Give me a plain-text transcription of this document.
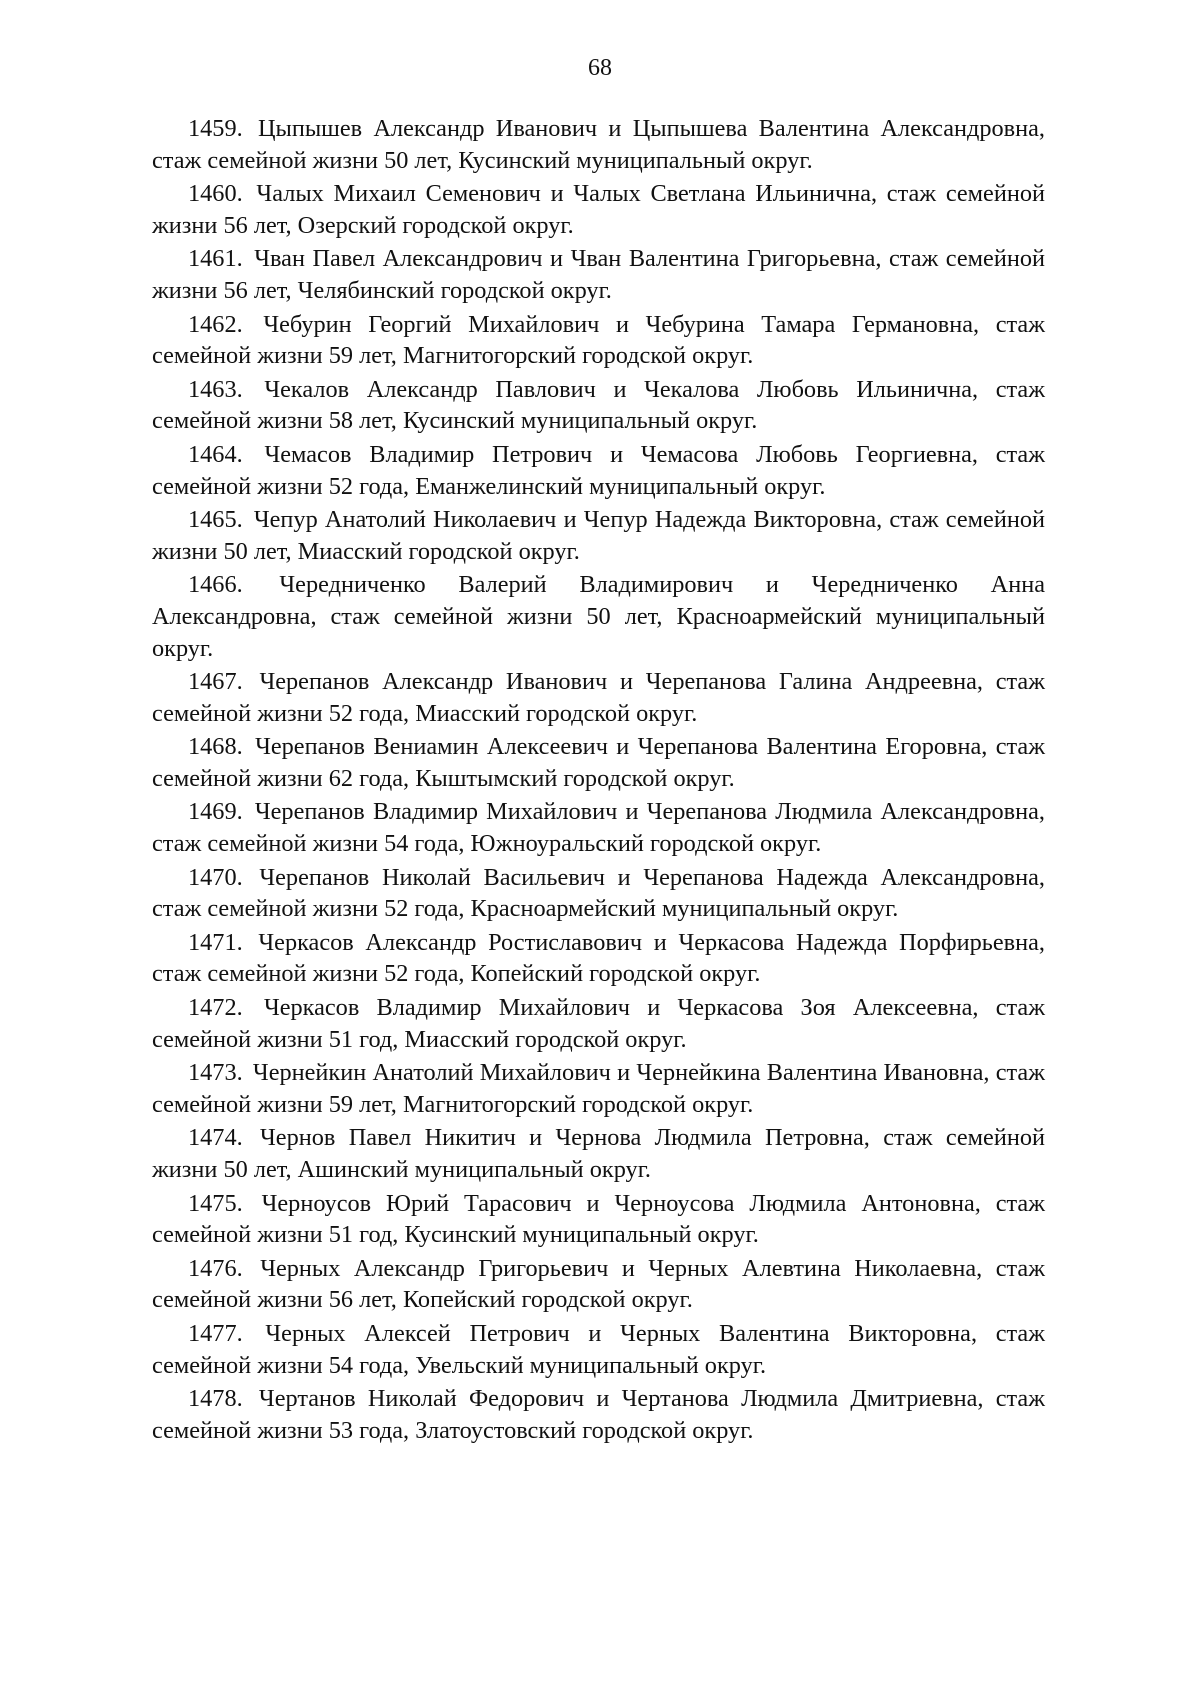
68

1459. Цыпышев Александр Иванович и Цыпышева Валентина Александровна, стаж семейной жизни 50 лет, Кусинский муниципальный округ.

1460. Чалых Михаил Семенович и Чалых Светлана Ильинична, стаж семейной жизни 56 лет, Озерский городской округ.

1461. Чван Павел Александрович и Чван Валентина Григорьевна, стаж семейной жизни 56 лет, Челябинский городской округ.

1462. Чебурин Георгий Михайлович и Чебурина Тамара Германовна, стаж семейной жизни 59 лет, Магнитогорский городской округ.

1463. Чекалов Александр Павлович и Чекалова Любовь Ильинична, стаж семейной жизни 58 лет, Кусинский муниципальный округ.

1464. Чемасов Владимир Петрович и Чемасова Любовь Георгиевна, стаж семейной жизни 52 года, Еманжелинский муниципальный округ.

1465. Чепур Анатолий Николаевич и Чепур Надежда Викторовна, стаж семейной жизни 50 лет, Миасский городской округ.

1466. Чередниченко Валерий Владимирович и Чередниченко Анна Александровна, стаж семейной жизни 50 лет, Красноармейский муниципальный округ.

1467. Черепанов Александр Иванович и Черепанова Галина Андреевна, стаж семейной жизни 52 года, Миасский городской округ.

1468. Черепанов Вениамин Алексеевич и Черепанова Валентина Егоровна, стаж семейной жизни 62 года, Кыштымский городской округ.

1469. Черепанов Владимир Михайлович и Черепанова Людмила Александровна, стаж семейной жизни 54 года, Южноуральский городской округ.

1470. Черепанов Николай Васильевич и Черепанова Надежда Александровна, стаж семейной жизни 52 года, Красноармейский муниципальный округ.

1471. Черкасов Александр Ростиславович и Черкасова Надежда Порфирьевна, стаж семейной жизни 52 года, Копейский городской округ.

1472. Черкасов Владимир Михайлович и Черкасова Зоя Алексеевна, стаж семейной жизни 51 год, Миасский городской округ.

1473. Чернейкин Анатолий Михайлович и Чернейкина Валентина Ивановна, стаж семейной жизни 59 лет, Магнитогорский городской округ.

1474. Чернов Павел Никитич и Чернова Людмила Петровна, стаж семейной жизни 50 лет, Ашинский муниципальный округ.

1475. Черноусов Юрий Тарасович и Черноусова Людмила Антоновна, стаж семейной жизни 51 год, Кусинский муниципальный округ.

1476. Черных Александр Григорьевич и Черных Алевтина Николаевна, стаж семейной жизни 56 лет, Копейский городской округ.

1477. Черных Алексей Петрович и Черных Валентина Викторовна, стаж семейной жизни 54 года, Увельский муниципальный округ.

1478. Чертанов Николай Федорович и Чертанова Людмила Дмитриевна, стаж семейной жизни 53 года, Златоустовский городской округ.
